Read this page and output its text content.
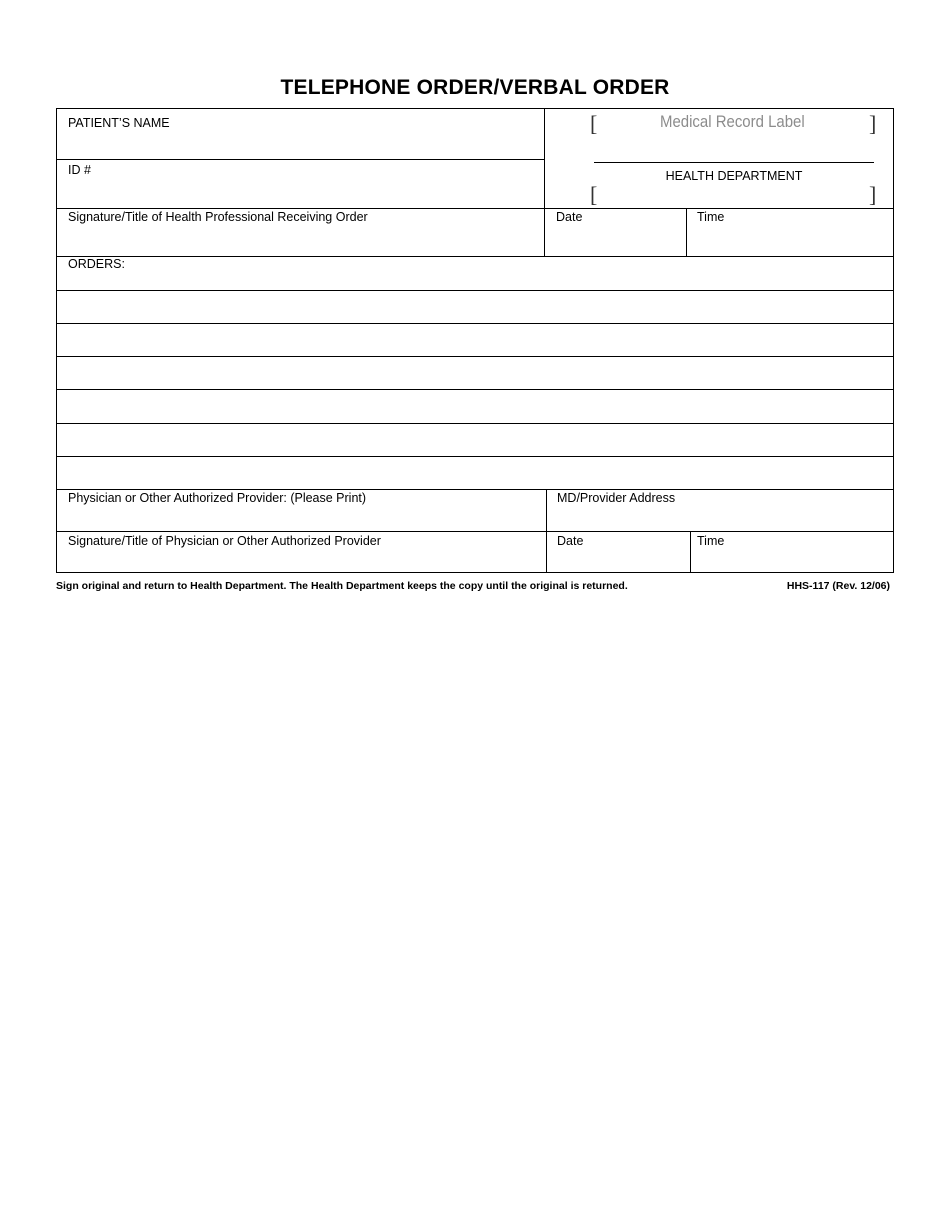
TELEPHONE ORDER/VERBAL ORDER
PATIENT’S NAME
ID #
[	Medical Record Label	]
HEALTH DEPARTMENT
[	]
Signature/Title of Health Professional Receiving Order	Date	Time
ORDERS:
Physician or Other Authorized Provider: (Please Print)	MD/Provider Address
Signature/Title of Physician or Other Authorized Provider	Date	Time
Sign original and return to Health Department. The Health Department keeps the copy until the original is returned.	HHS-117 (Rev. 12/06)
